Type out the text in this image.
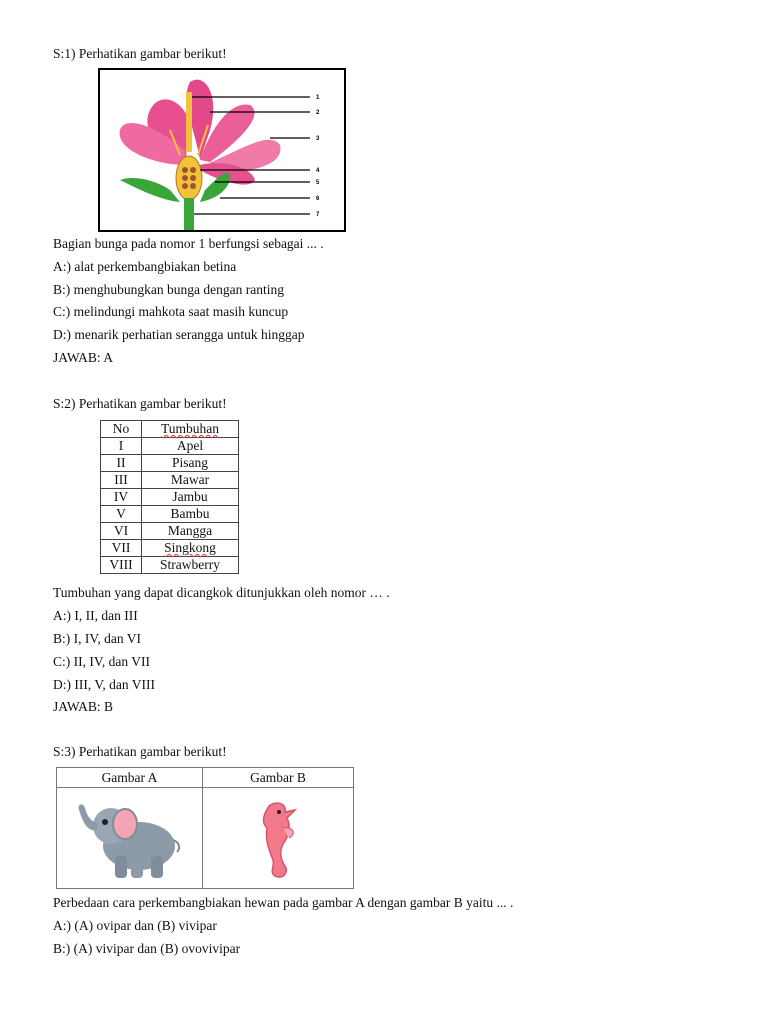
S:1) Perhatikan gambar berikut!
1
2
3
4
5
6
7
Bagian bunga pada nomor 1 berfungsi sebagai ... .
A:) alat perkembangbiakan betina
B:) menghubungkan bunga dengan ranting
C:) melindungi mahkota saat masih kuncup
D:) menarik perhatian serangga untuk hinggap
JAWAB: A
S:2) Perhatikan gambar berikut!
No	Tumbuhan
I	Apel
II	Pisang
III	Mawar
IV	Jambu
V	Bambu
VI	Mangga
VII	Singkong
VIII	Strawberry
Tumbuhan yang dapat dicangkok ditunjukkan oleh nomor … .
A:) I, II, dan III
B:) I, IV, dan VI
C:) II, IV, dan VII
D:) III, V, dan VIII
JAWAB: B
S:3) Perhatikan gambar berikut!
Gambar A	Gambar B
Perbedaan cara perkembangbiakan hewan pada gambar A dengan gambar B yaitu ... .
A:) (A) ovipar dan (B) vivipar
B:) (A) vivipar dan (B) ovovivipar
